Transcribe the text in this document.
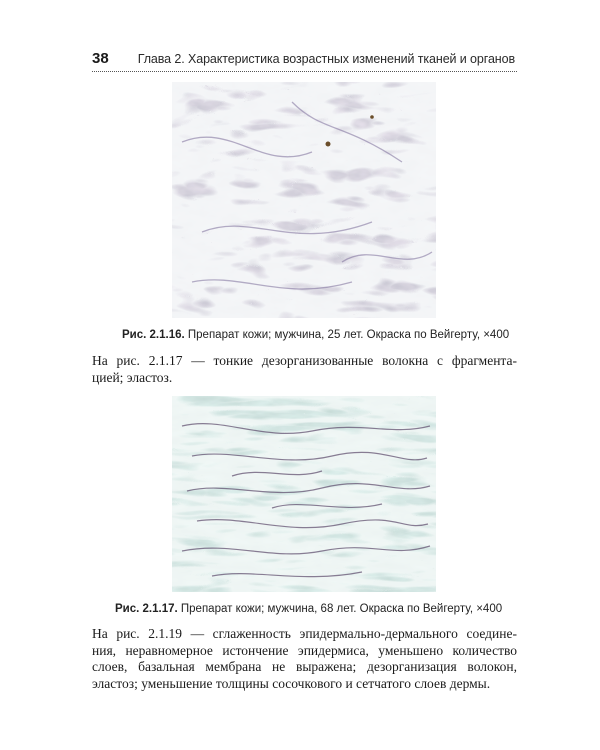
38 Глава 2. Характеристика возрастных изменений тканей и органов
Рис. 2.1.16. Препарат кожи; мужчина, 25 лет. Окраска по Вейгерту, ×400
На рис. 2.1.17 — тонкие дезорганизованные волокна с фрагмента-
цией; эластоз.
Рис. 2.1.17. Препарат кожи; мужчина, 68 лет. Окраска по Вейгерту, ×400
На рис. 2.1.19 — сглаженность эпидермально-дермального соедине-
ния, неравномерное истончение эпидермиса, уменьшено количество
слоев, базальная мембрана не выражена; дезорганизация волокон,
эластоз; уменьшение толщины сосочкового и сетчатого слоев дермы.
